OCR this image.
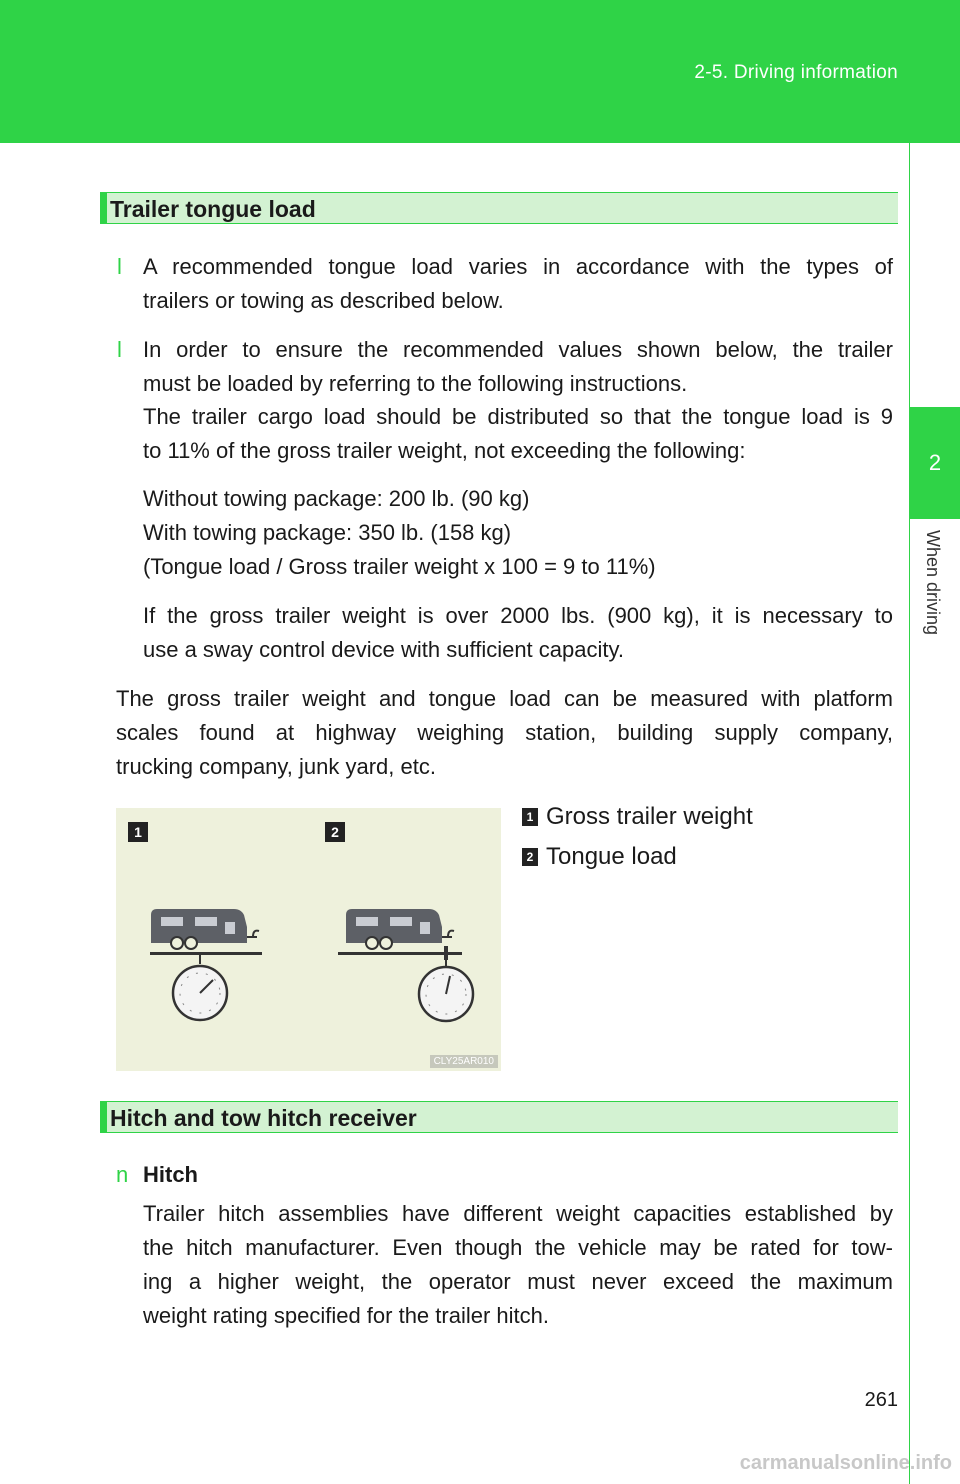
2-5. Driving information
2
When driving
Trailer tongue load
l A recommended tongue load varies in accordance with the types of
trailers or towing as described below.
l In order to ensure the recommended values shown below, the trailer
must be loaded by referring to the following instructions.
The trailer cargo load should be distributed so that the tongue load is 9
to 11% of the gross trailer weight, not exceeding the following:
Without towing package: 200 lb. (90 kg)
With towing package: 350 lb. (158 kg)
(Tongue load / Gross trailer weight x 100 = 9 to 11%)
If the gross trailer weight is over 2000 lbs. (900 kg), it is necessary to
use a sway control device with sufficient capacity.
The gross trailer weight and tongue load can be measured with platform
scales found at highway weighing station, building supply company,
trucking company, junk yard, etc.
1	2
CLY25AR010
1 Gross trailer weight
2 Tongue load
Hitch and tow hitch receiver
n Hitch
Trailer hitch assemblies have different weight capacities established by
the hitch manufacturer. Even though the vehicle may be rated for tow-
ing a higher weight, the operator must never exceed the maximum
weight rating specified for the trailer hitch.
261
carmanualsonline.info
